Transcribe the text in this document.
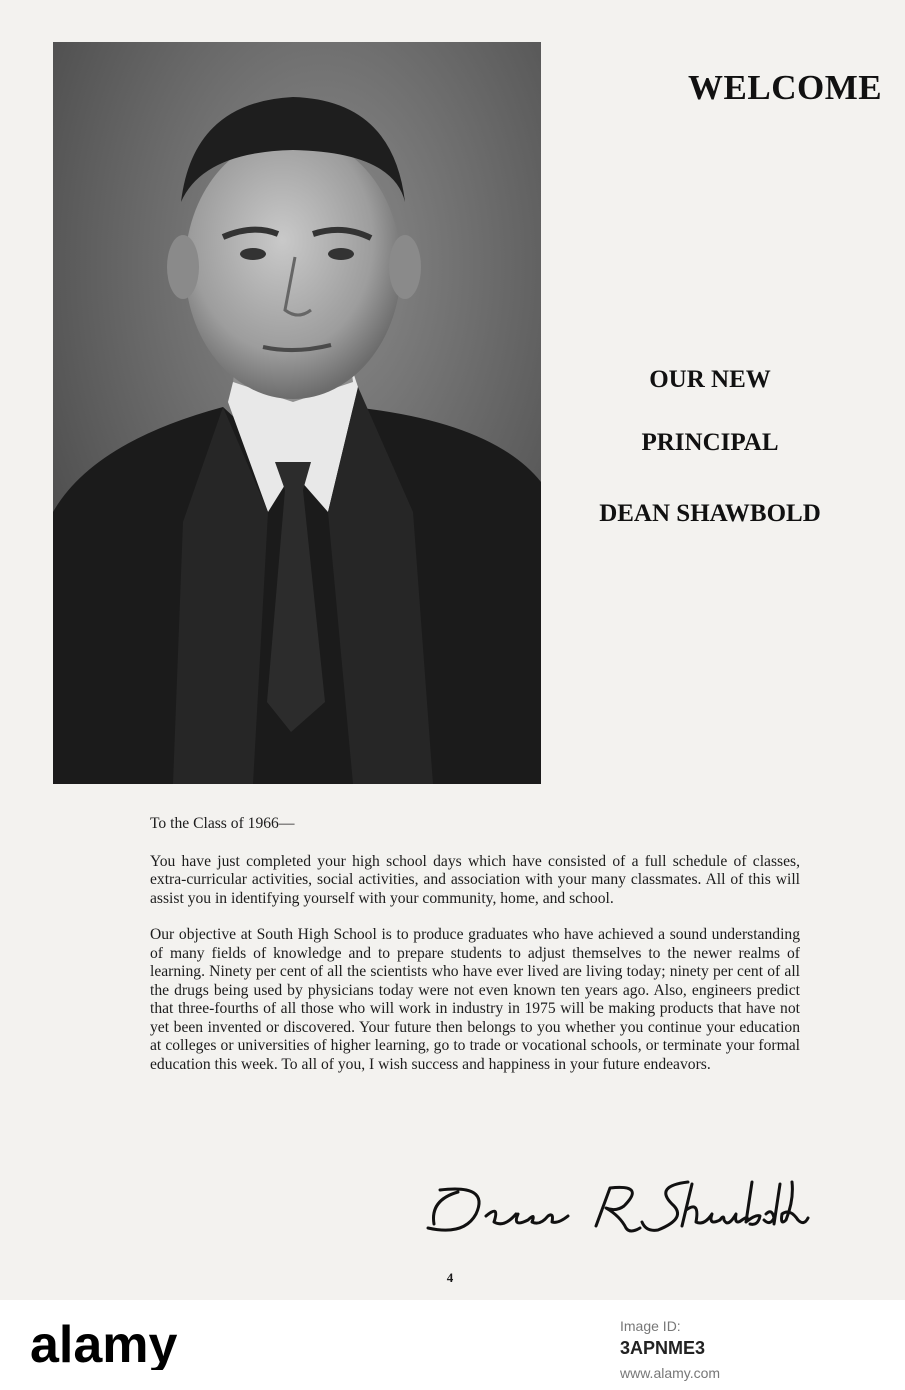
WELCOME
OUR NEW
PRINCIPAL
DEAN SHAWBOLD

To the Class of 1966—

You have just completed your high school days which have consisted of a full schedule of classes, extra-curricular activities, social activities, and association with your many classmates. All of this will assist you in identifying yourself with your community, home, and school.

Our objective at South High School is to produce graduates who have achieved a sound understanding of many fields of knowledge and to prepare students to adjust themselves to the newer realms of learning. Ninety per cent of all the scientists who have ever lived are living today; ninety per cent of all the drugs being used by physicians today were not even known ten years ago. Also, engineers predict that three-fourths of all those who will work in industry in 1975 will be making products that have not yet been invented or discovered. Your future then belongs to you whether you continue your education at colleges or universities of higher learning, go to trade or vocational schools, or terminate your formal education this week. To all of you, I wish success and happiness in your future endeavors.

4
alamy	Image ID:
3APNME3
www.alamy.com
